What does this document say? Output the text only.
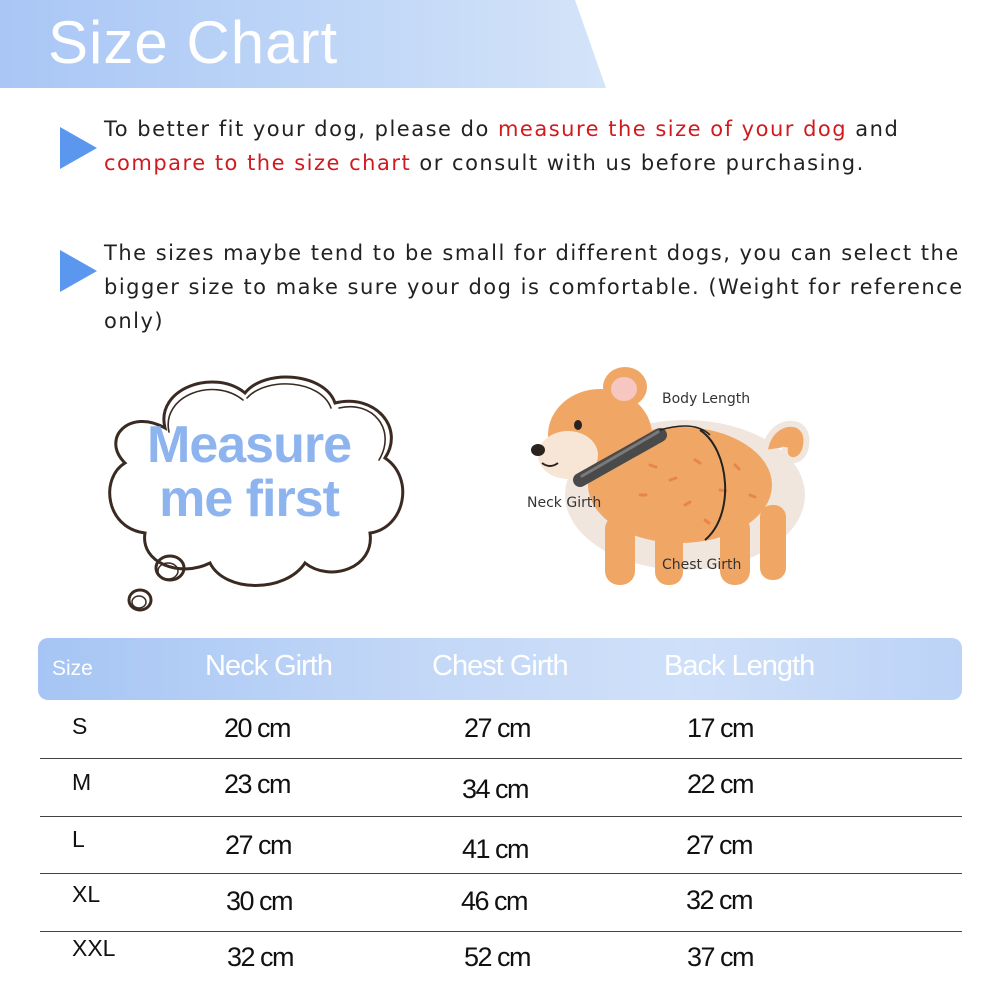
Size Chart
To better fit your dog, please do measure the size of your dog and compare to the size chart or consult with us before purchasing.
The sizes maybe tend to be small for different dogs, you can select the bigger size to make sure your dog is comfortable. (Weight for reference only)
Measure
me first
Body Length
Neck Girth
Chest Girth
Size	Neck Girth	Chest Girth	Back Length
S	20 cm	27 cm	17 cm
M	23 cm	34 cm	22 cm
L	27 cm	41 cm	27 cm
XL	30 cm	46 cm	32 cm
XXL	32 cm	52 cm	37 cm
